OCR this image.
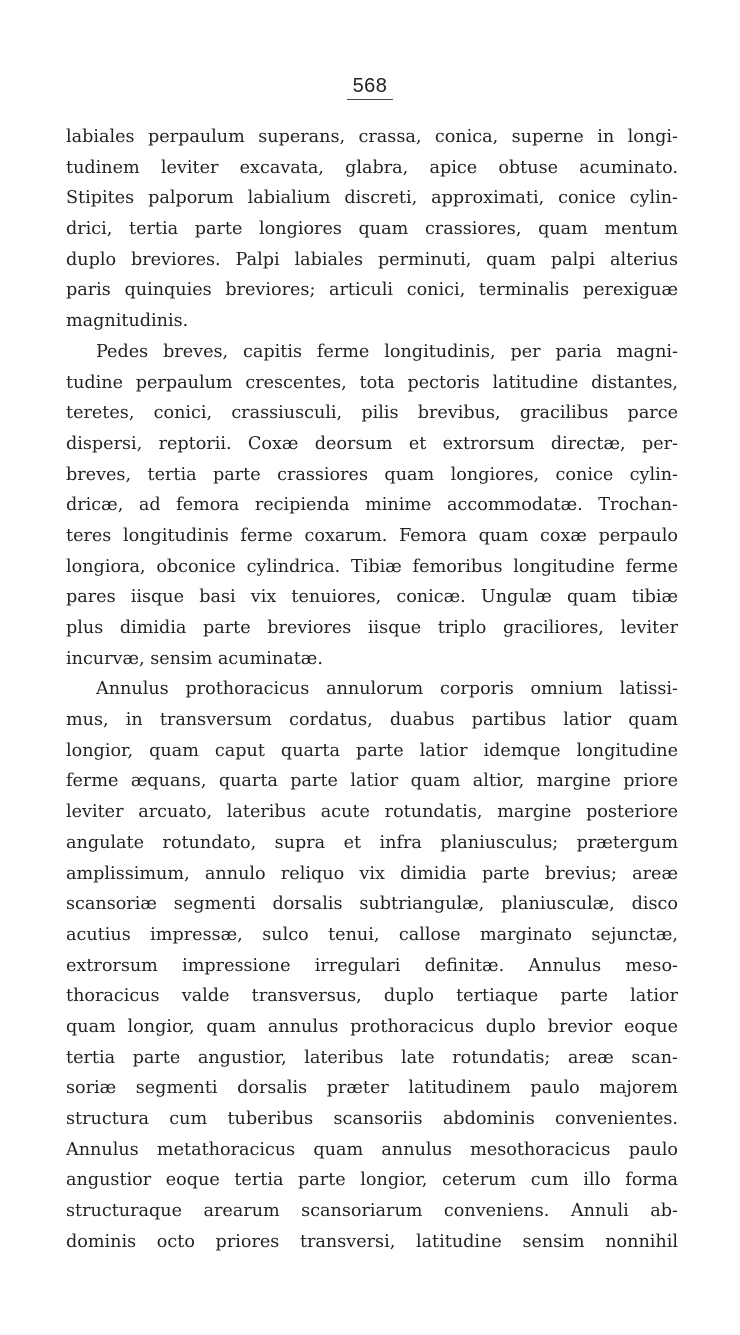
568
labiales perpaulum superans, crassa, conica, superne in longi-
tudinem leviter excavata, glabra, apice obtuse acuminato.
Stipites palporum labialium discreti, approximati, conice cylin-
drici, tertia parte longiores quam crassiores, quam mentum
duplo breviores. Palpi labiales perminuti, quam palpi alterius
paris quinquies breviores; articuli conici, terminalis perexiguæ
magnitudinis.
Pedes breves, capitis ferme longitudinis, per paria magni-
tudine perpaulum crescentes, tota pectoris latitudine distantes,
teretes, conici, crassiusculi, pilis brevibus, gracilibus parce
dispersi, reptorii. Coxæ deorsum et extrorsum directæ, per-
breves, tertia parte crassiores quam longiores, conice cylin-
dricæ, ad femora recipienda minime accommodatæ. Trochan-
teres longitudinis ferme coxarum. Femora quam coxæ perpaulo
longiora, obconice cylindrica. Tibiæ femoribus longitudine ferme
pares iisque basi vix tenuiores, conicæ. Ungulæ quam tibiæ
plus dimidia parte breviores iisque triplo graciliores, leviter
incurvæ, sensim acuminatæ.
Annulus prothoracicus annulorum corporis omnium latissi-
mus, in transversum cordatus, duabus partibus latior quam
longior, quam caput quarta parte latior idemque longitudine
ferme æquans, quarta parte latior quam altior, margine priore
leviter arcuato, lateribus acute rotundatis, margine posteriore
angulate rotundato, supra et infra planiusculus; prætergum
amplissimum, annulo reliquo vix dimidia parte brevius; areæ
scansoriæ segmenti dorsalis subtriangulæ, planiusculæ, disco
acutius impressæ, sulco tenui, callose marginato sejunctæ,
extrorsum impressione irregulari definitæ. Annulus meso-
thoracicus valde transversus, duplo tertiaque parte latior
quam longior, quam annulus prothoracicus duplo brevior eoque
tertia parte angustior, lateribus late rotundatis; areæ scan-
soriæ segmenti dorsalis præter latitudinem paulo majorem
structura cum tuberibus scansoriis abdominis convenientes.
Annulus metathoracicus quam annulus mesothoracicus paulo
angustior eoque tertia parte longior, ceterum cum illo forma
structuraque arearum scansoriarum conveniens. Annuli ab-
dominis octo priores transversi, latitudine sensim nonnihil
